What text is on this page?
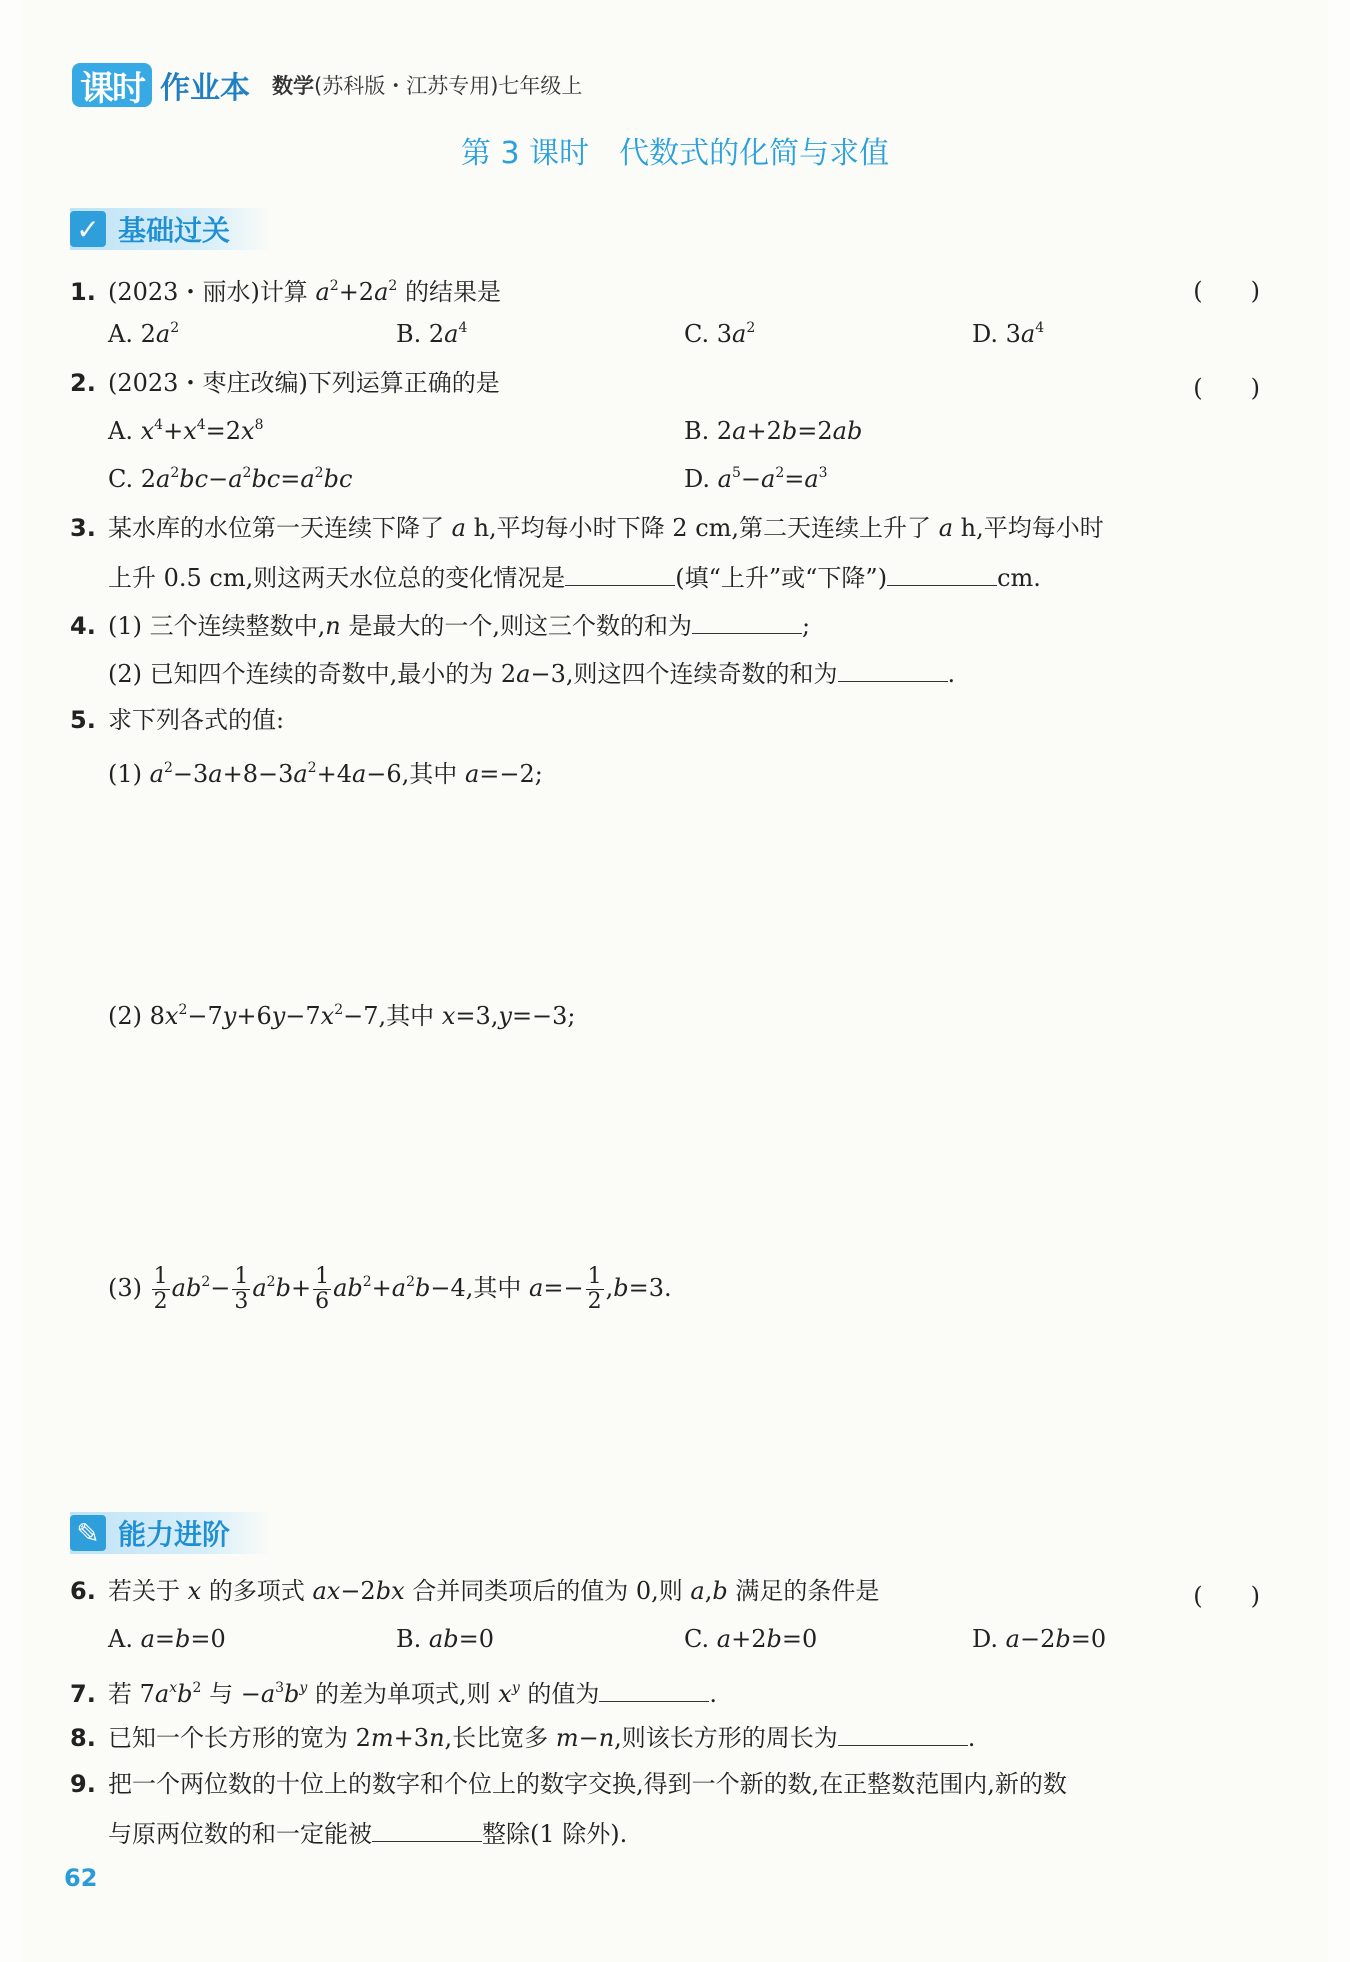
课时 作业本 数学(苏科版・江苏专用)七年级上
第 3 课时 代数式的化简与求值
✓ 基础过关
1. (2023・丽水)计算 $a^2+2a^2$ 的结果是	(　　)
A. $2a^2$	B. $2a^4$	C. $3a^2$	D. $3a^4$
2. (2023・枣庄改编)下列运算正确的是	(　　)
A. $x^4+x^4=2x^8$	B. 2a+2b=2ab
C. $2a^2bc-a^2bc=a^2bc$	D. $a^5-a^2=a^3$
3. 某水库的水位第一天连续下降了 a h,平均每小时下降 2 cm,第二天连续上升了 a h,平均每小时
上升 0.5 cm,则这两天水位总的变化情况是	(填“上升”或“下降”)	cm.
4. (1) 三个连续整数中,n 是最大的一个,则这三个数的和为	;
(2) 已知四个连续的奇数中,最小的为 2a−3,则这四个连续奇数的和为	.
5. 求下列各式的值:
(1) $a^2-3a+8-3a^2+4a-6$,其中 a=−2;
(2) $8x^2-7y+6y-7x^2-7$,其中 x=3,y=−3;
$(3) \frac{1}{2} ab^2- \frac{1}{3} a^2b+ \frac{1}{6} ab^2+a^2b-4$,其中 $a=- \frac{1}{2} ,b=3$.
✎ 能力进阶
6. 若关于 x 的多项式 ax−2bx 合并同类项后的值为 0,则 a,b 满足的条件是	(　　)
A. a=b=0	B. ab=0	C. a+2b=0	D. a−2b=0
7. 若 $7a^xb^2$ 与 $-a^3b^y$ 的差为单项式,则 $x^y$ 的值为	.
8. 已知一个长方形的宽为 2m+3n,长比宽多 m−n,则该长方形的周长为	.
9. 把一个两位数的十位上的数字和个位上的数字交换,得到一个新的数,在正整数范围内,新的数
与原两位数的和一定能被	整除(1 除外).
62
